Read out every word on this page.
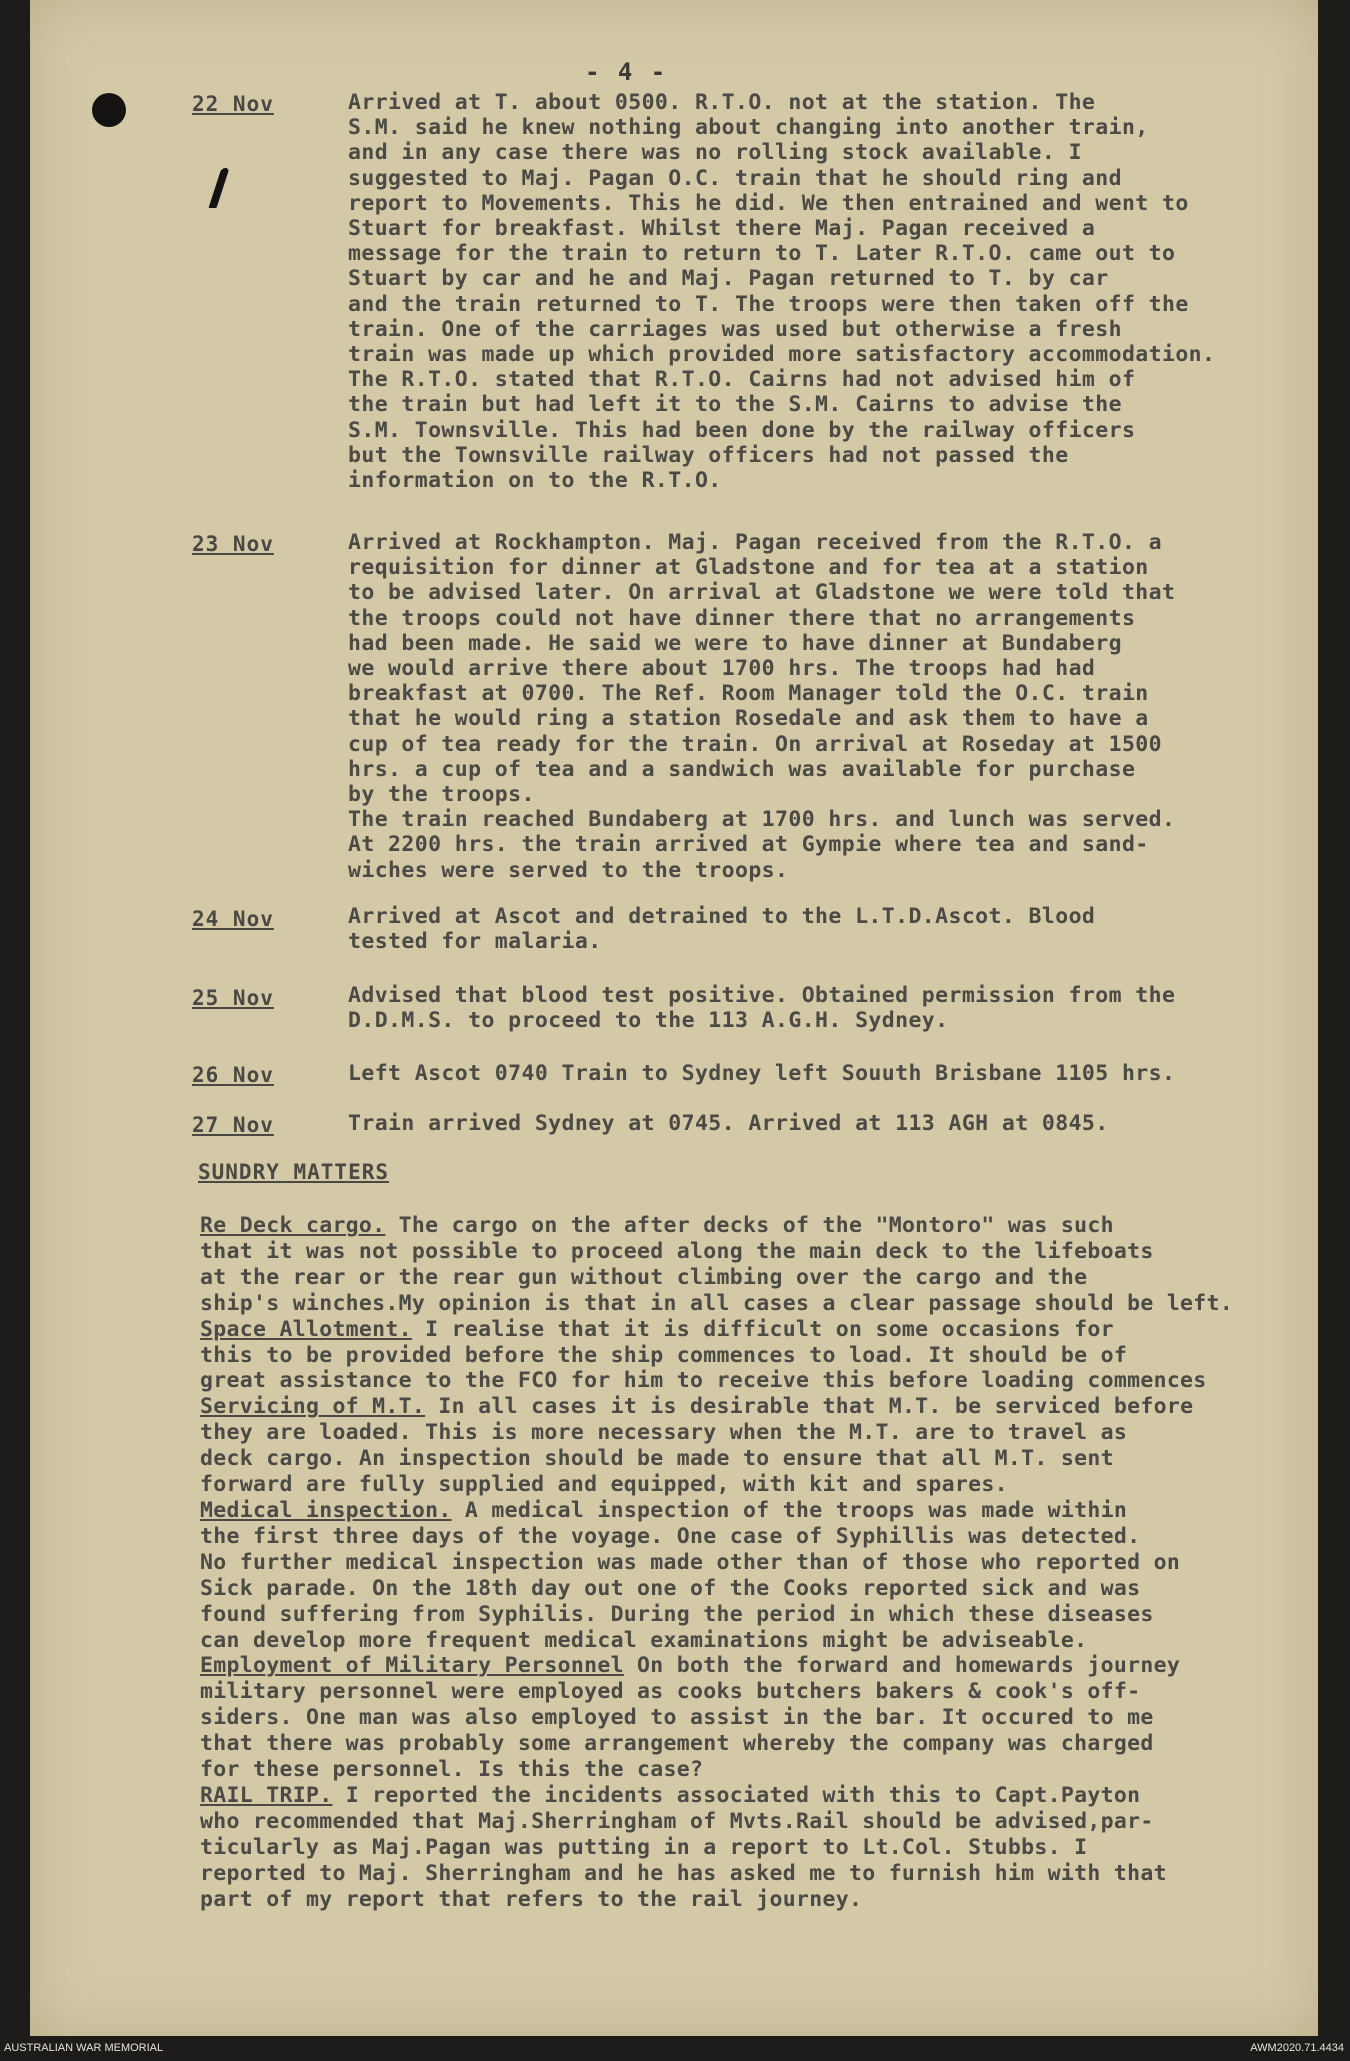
- 4 -
22 Nov	Arrived at T. about 0500. R.T.O. not at the station. The
S.M. said he knew nothing about changing into another train,
and in any case there was no rolling stock available. I
suggested to Maj. Pagan O.C. train that he should ring and
report to Movements. This he did. We then entrained and went to
Stuart for breakfast. Whilst there Maj. Pagan received a
message for the train to return to T. Later R.T.O. came out to
Stuart by car and he and Maj. Pagan returned to T. by car
and the train returned to T. The troops were then taken off the
train. One of the carriages was used but otherwise a fresh
train was made up which provided more satisfactory accommodation.
The R.T.O. stated that R.T.O. Cairns had not advised him of
the train but had left it to the S.M. Cairns to advise the
S.M. Townsville. This had been done by the railway officers
but the Townsville railway officers had not passed the
information on to the R.T.O.
23 Nov	Arrived at Rockhampton. Maj. Pagan received from the R.T.O. a
requisition for dinner at Gladstone and for tea at a station
to be advised later. On arrival at Gladstone we were told that
the troops could not have dinner there that no arrangements
had been made. He said we were to have dinner at Bundaberg
we would arrive there about 1700 hrs. The troops had had
breakfast at 0700. The Ref. Room Manager told the O.C. train
that he would ring a station Rosedale and ask them to have a
cup of tea ready for the train. On arrival at Roseday at 1500
hrs. a cup of tea and a sandwich was available for purchase
by the troops.
The train reached Bundaberg at 1700 hrs. and lunch was served.
At 2200 hrs. the train arrived at Gympie where tea and sand-
wiches were served to the troops.
24 Nov	Arrived at Ascot and detrained to the L.T.D.Ascot. Blood
tested for malaria.
25 Nov	Advised that blood test positive. Obtained permission from the
D.D.M.S. to proceed to the 113 A.G.H. Sydney.
26 Nov	Left Ascot 0740 Train to Sydney left Souuth Brisbane 1105 hrs.
27 Nov	Train arrived Sydney at 0745. Arrived at 113 AGH at 0845.
SUNDRY MATTERS
Re Deck cargo. The cargo on the after decks of the "Montoro" was such
that it was not possible to proceed along the main deck to the lifeboats
at the rear or the rear gun without climbing over the cargo and the
ship's winches.My opinion is that in all cases a clear passage should be left.
Space Allotment. I realise that it is difficult on some occasions for
this to be provided before the ship commences to load. It should be of
great assistance to the FCO for him to receive this before loading commences
Servicing of M.T. In all cases it is desirable that M.T. be serviced before
they are loaded. This is more necessary when the M.T. are to travel as
deck cargo. An inspection should be made to ensure that all M.T. sent
forward are fully supplied and equipped, with kit and spares.
Medical inspection. A medical inspection of the troops was made within
the first three days of the voyage. One case of Syphillis was detected.
No further medical inspection was made other than of those who reported on
Sick parade. On the 18th day out one of the Cooks reported sick and was
found suffering from Syphilis. During the period in which these diseases
can develop more frequent medical examinations might be adviseable.
Employment of Military Personnel On both the forward and homewards journey
military personnel were employed as cooks butchers bakers & cook's off-
siders. One man was also employed to assist in the bar. It occured to me
that there was probably some arrangement whereby the company was charged
for these personnel. Is this the case?
RAIL TRIP. I reported the incidents associated with this to Capt.Payton
who recommended that Maj.Sherringham of Mvts.Rail should be advised,par-
ticularly as Maj.Pagan was putting in a report to Lt.Col. Stubbs. I
reported to Maj. Sherringham and he has asked me to furnish him with that
part of my report that refers to the rail journey.
AUSTRALIAN WAR MEMORIAL	AWM2020.71.4434
